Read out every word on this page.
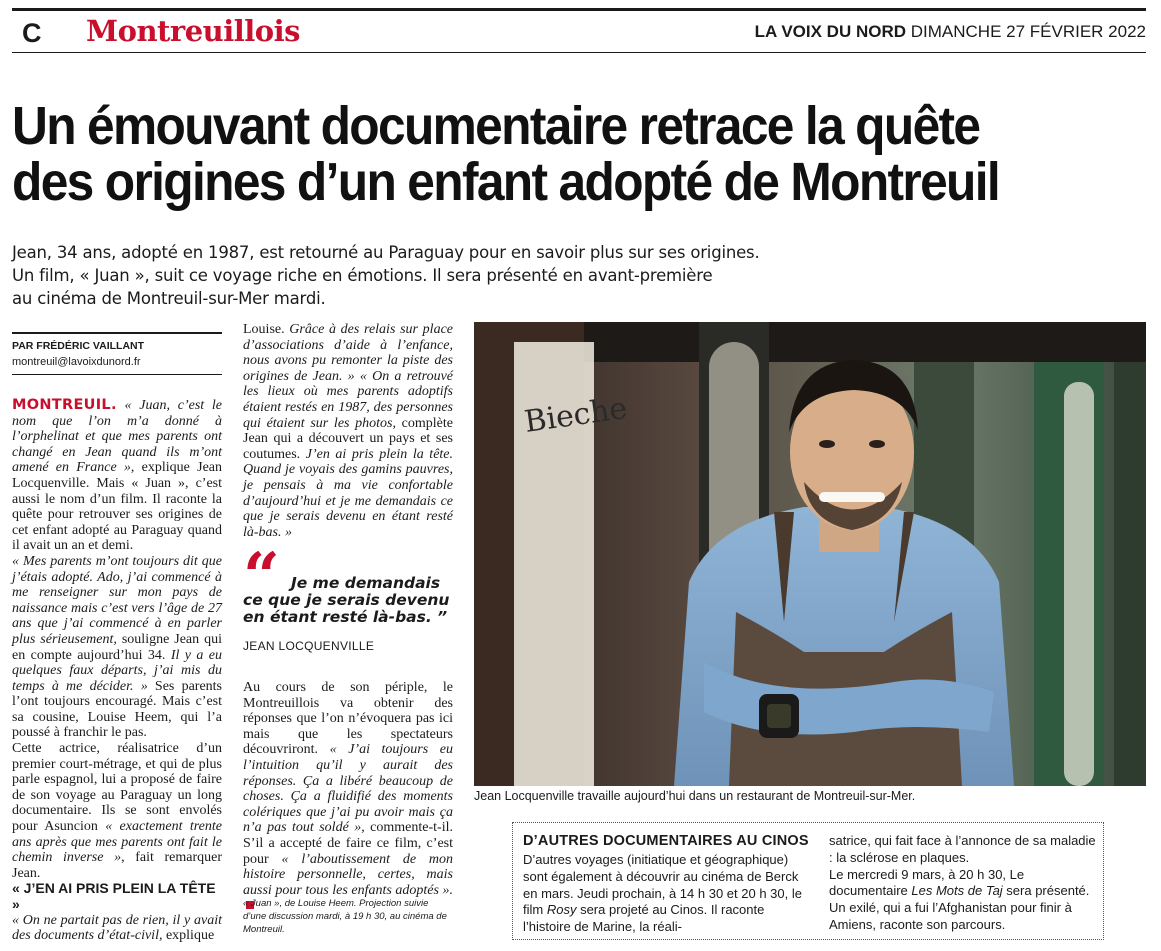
C Montreuillois	LA VOIX DU NORD DIMANCHE 27 FÉVRIER 2022
Un émouvant documentaire retrace la quête
des origines d’un enfant adopté de Montreuil
Jean, 34 ans, adopté en 1987, est retourné au Paraguay pour en savoir plus sur ses origines.
Un film, « Juan », suit ce voyage riche en émotions. Il sera présenté en avant-première
au cinéma de Montreuil-sur-Mer mardi.
PAR FRÉDÉRIC VAILLANT
montreuil@lavoixdunord.fr

MONTREUIL. « Juan, c’est le nom que l’on m’a donné à l’orphelinat et que mes parents ont changé en Jean quand ils m’ont amené en France », explique Jean Locquenville. Mais « Juan », c’est aussi le nom d’un film. Il raconte la quête pour retrouver ses origines de cet enfant adopté au Paraguay quand il avait un an et demi.

« Mes parents m’ont toujours dit que j’étais adopté. Ado, j’ai commencé à me renseigner sur mon pays de naissance mais c’est vers l’âge de 27 ans que j’ai commencé à en parler plus sérieusement, souligne Jean qui en compte aujourd’hui 34. Il y a eu quelques faux départs, j’ai mis du temps à me décider. » Ses parents l’ont toujours encouragé. Mais c’est sa cousine, Louise Heem, qui l’a poussé à franchir le pas.

Cette actrice, réalisatrice d’un premier court-métrage, et qui de plus parle espagnol, lui a proposé de faire de son voyage au Paraguay un long documentaire. Ils se sont envolés pour Asuncion « exactement trente ans après que mes parents ont fait le chemin inverse », fait remarquer Jean.

« J’EN AI PRIS PLEIN LA TÊTE »

« On ne partait pas de rien, il y avait des documents d’état-civil, explique

Louise. Grâce à des relais sur place d’associations d’aide à l’enfance, nous avons pu remonter la piste des origines de Jean. » « On a retrouvé les lieux où mes parents adoptifs étaient restés en 1987, des personnes qui étaient sur les photos, complète Jean qui a découvert un pays et ses coutumes. J’en ai pris plein la tête. Quand je voyais des gamins pauvres, je pensais à ma vie confortable d’aujourd’hui et je me demandais ce que je serais devenu en étant resté là-bas. »

“ Je me demandais ce que je serais devenu en étant resté là-bas. ”
JEAN LOCQUENVILLE

Au cours de son périple, le Montreuillois va obtenir des réponses que l’on n’évoquera pas ici mais que les spectateurs découvriront. « J’ai toujours eu l’intuition qu’il y aurait des réponses. Ça a libéré beaucoup de choses. Ça a fluidifié des moments colériques que j’ai pu avoir mais ça n’a pas tout soldé », commente-t-il. S’il a accepté de faire ce film, c’est pour « l’aboutissement de mon histoire personnelle, certes, mais aussi pour tous les enfants adoptés ».

« Juan », de Louise Heem. Projection suivie d’une discussion mardi, à 19 h 30, au cinéma de Montreuil.
Bieche
Jean Locquenville travaille aujourd’hui dans un restaurant de Montreuil-sur-Mer.
D’AUTRES DOCUMENTAIRES AU CINOS
D’autres voyages (initiatique et géographique) sont également à découvrir au cinéma de Berck en mars. Jeudi prochain, à 14 h 30 et 20 h 30, le film Rosy sera projeté au Cinos. Il raconte l’histoire de Marine, la réali-
satrice, qui fait face à l’annonce de sa maladie : la sclérose en plaques.
Le mercredi 9 mars, à 20 h 30, Le documentaire Les Mots de Taj sera présenté. Un exilé, qui a fui l’Afghanistan pour finir à Amiens, raconte son parcours.
